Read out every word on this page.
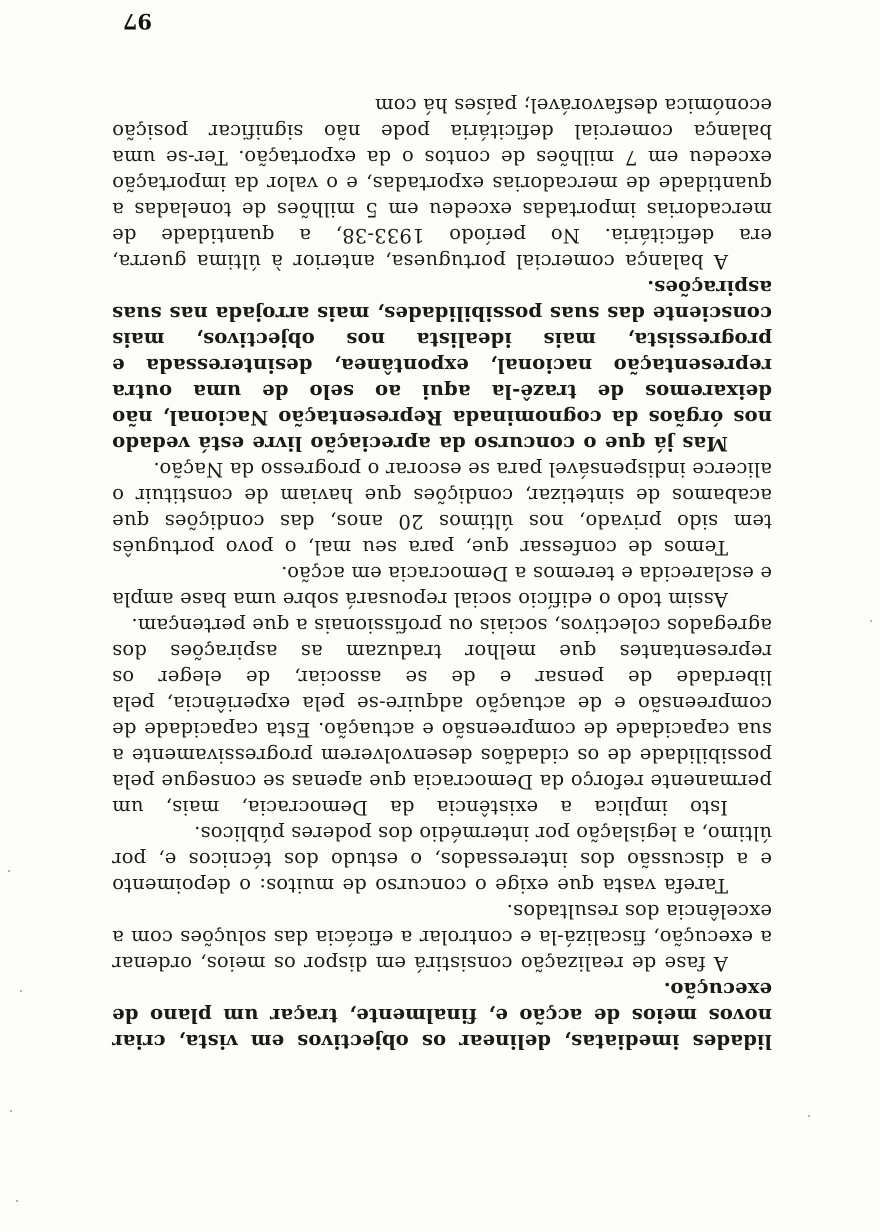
lidades imediatas, delinear os objectivos em vista, criar novos meios de acção e, finalmente, traçar um plano de execução.

A fase de realização consistirá em dispor os meios, ordenar a execução, fiscalizá-la e controlar a eficácia das soluções com a excelência dos resultados.

Tarefa vasta que exige o concurso de muitos: o depoimento e a discussão dos interessados, o estudo dos técnicos e, por último, a legislação por intermédio dos poderes públicos.

Isto implica a existência da Democracia, mais, um permanente reforço da Democracia que apenas se consegue pela possibilidade de os cidadãos desenvolverem progressivamente a sua capacidade de compreensão e actuação. Esta capacidade de compreensão e de actuação adquire-se pela experiência, pela liberdade de pensar e de se associar, de eleger os representantes que melhor traduzam as aspirações dos agregados colectivos, sociais ou profissionais a que pertençam.

Assim todo o edifício social repousará sobre uma base ampla e esclarecida e teremos a Democracia em acção.

Temos de confessar que, para seu mal, o povo português tem sido privado, nos últimos 20 anos, das condições que acabamos de sintetizar, condições que haviam de constituir o alicerce indispensável para se escorar o progresso da Nação.

Mas já que o concurso da apreciação livre está vedado nos órgãos da cognominada Representação Nacional, não deixaremos de trazê-la aqui ao selo de uma outra representação nacional, expontânea, desinteressada e progressista, mais idealista nos objectivos, mais consciente das suas possibilidades, mais arrojada nas suas aspirações.

A balança comercial portuguesa, anterior à última guerra, era deficitária. No período 1933-38, a quantidade de mercadorias importadas excedeu em 5 milhões de toneladas a quantidade de mercadorias exportadas, e o valor da importação excedeu em 7 milhões de contos o da exportação. Ter-se uma balança comercial deficitária pode não significar posição económica desfavorável; países há com

97
